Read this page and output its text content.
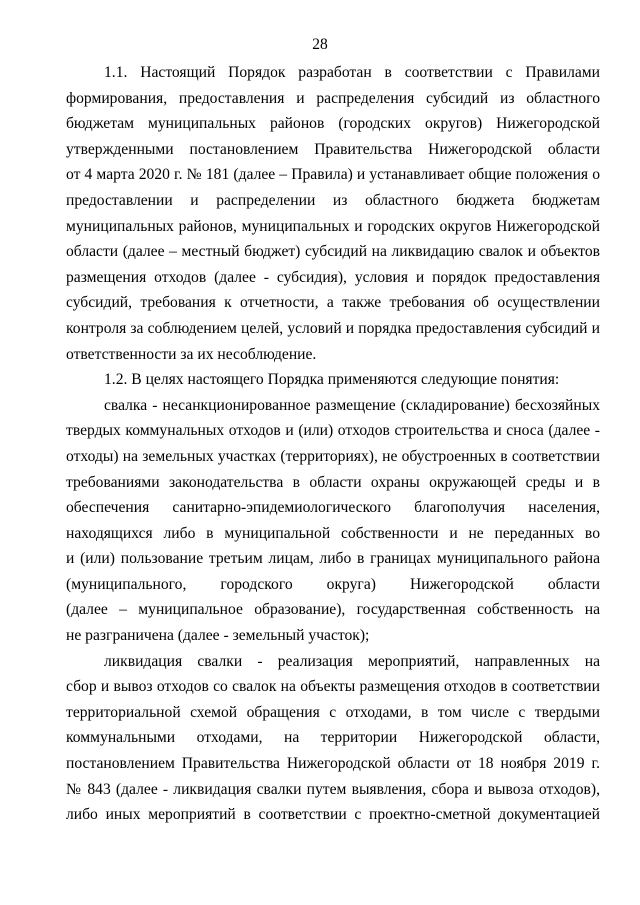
28
1.1. Настоящий Порядок разработан в соответствии с Правилами
формирования, предоставления и распределения субсидий из областного
бюджетам муниципальных районов (городских округов) Нижегородской
утвержденными постановлением Правительства Нижегородской области
от 4 марта 2020 г. № 181 (далее – Правила) и устанавливает общие положения о
предоставлении и распределении из областного бюджета бюджетам
муниципальных районов, муниципальных и городских округов Нижегородской
области (далее – местный бюджет) субсидий на ликвидацию свалок и объектов
размещения отходов (далее - субсидия), условия и порядок предоставления
субсидий, требования к отчетности, а также требования об осуществлении
контроля за соблюдением целей, условий и порядка предоставления субсидий и
ответственности за их несоблюдение.
1.2. В целях настоящего Порядка применяются следующие понятия:
свалка - несанкционированное размещение (складирование) бесхозяйных
твердых коммунальных отходов и (или) отходов строительства и сноса (далее -
отходы) на земельных участках (территориях), не обустроенных в соответствии
требованиями законодательства в области охраны окружающей среды и в
обеспечения санитарно-эпидемиологического благополучия населения,
находящихся либо в муниципальной собственности и не переданных во
и (или) пользование третьим лицам, либо в границах муниципального района
(муниципального, городского округа) Нижегородской области
(далее – муниципальное образование), государственная собственность на
не разграничена (далее - земельный участок);
ликвидация свалки - реализация мероприятий, направленных на
сбор и вывоз отходов со свалок на объекты размещения отходов в соответствии
территориальной схемой обращения с отходами, в том числе с твердыми
коммунальными отходами, на территории Нижегородской области,
постановлением Правительства Нижегородской области от 18 ноября 2019 г.
№ 843 (далее - ликвидация свалки путем выявления, сбора и вывоза отходов),
либо иных мероприятий в соответствии с проектно-сметной документацией
